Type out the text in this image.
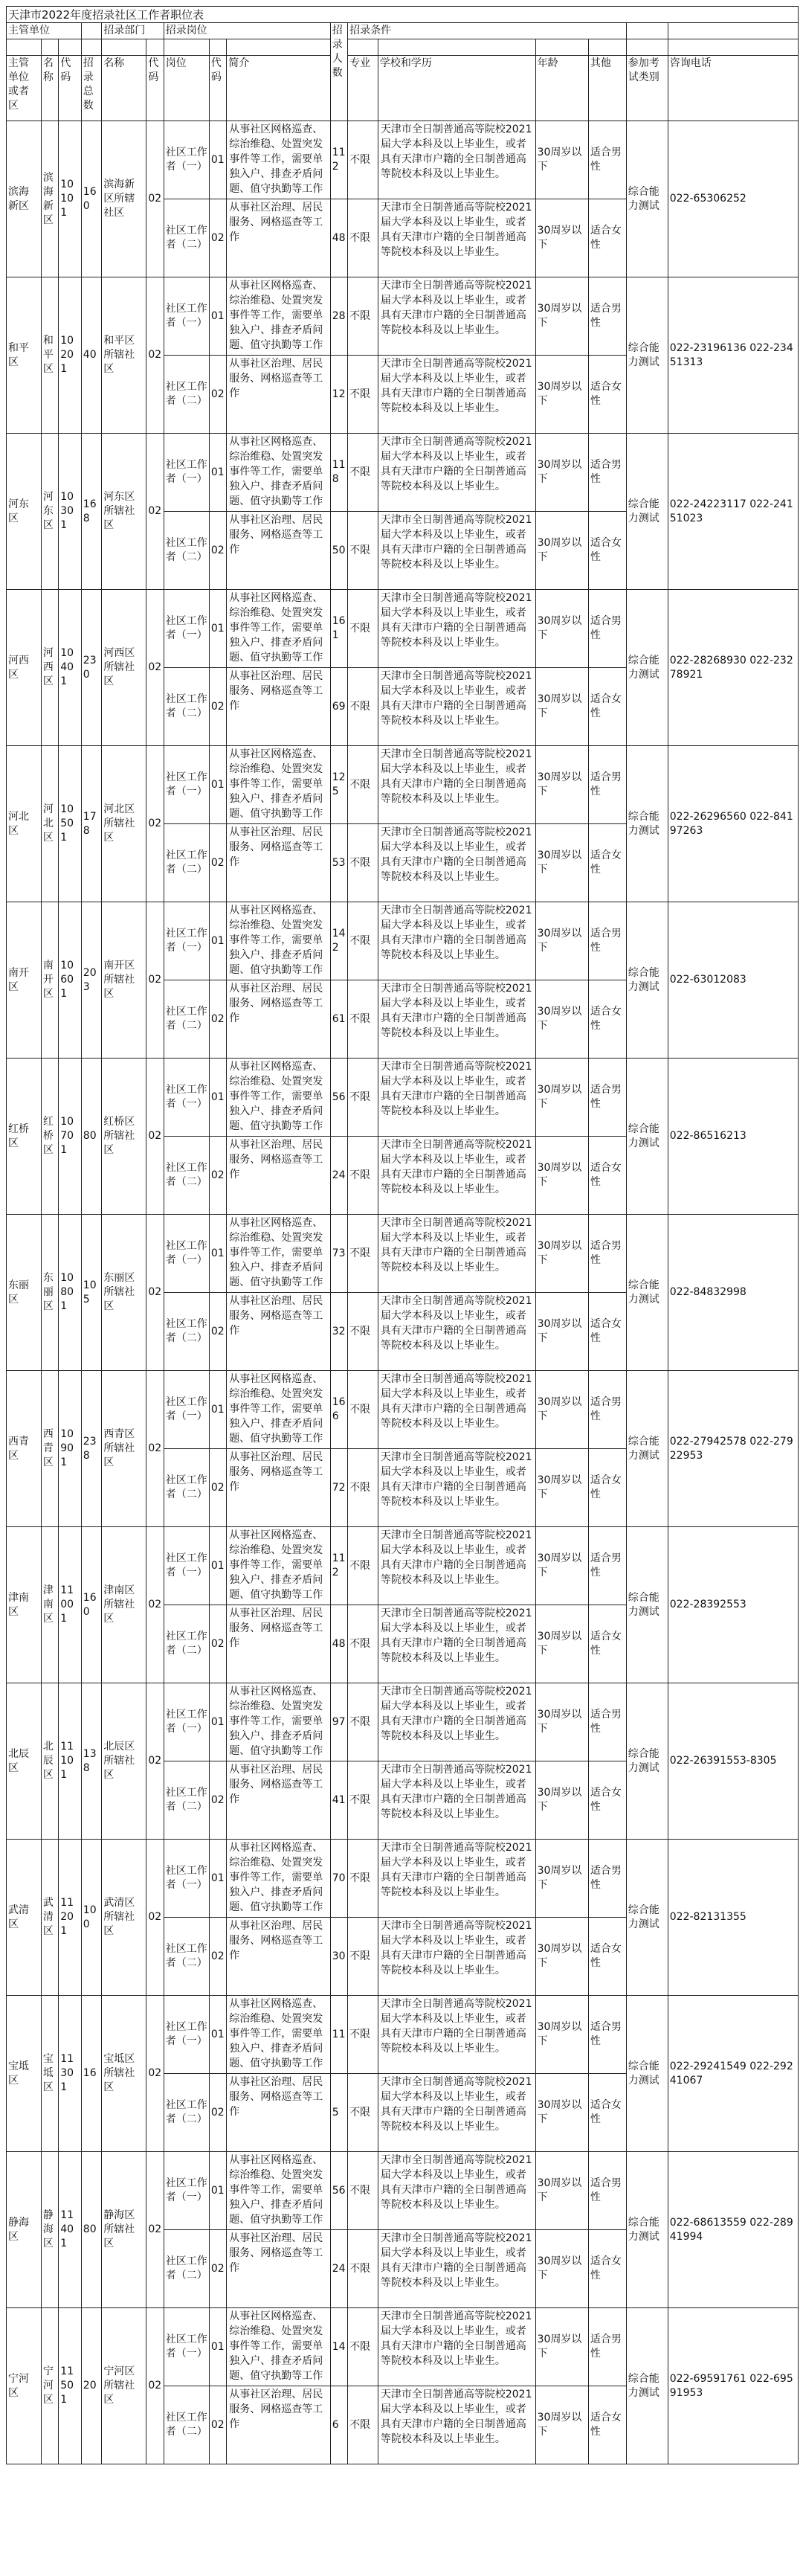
天津市2022年度招录社区工作者职位表
主管单位				招录部门		招录岗位			招录人数	招录条件					

主管单位或者区	名称	代码	招录总数	名称	代码	岗位	代码	简介		专业	学校和学历	年龄	其他	参加考试类别	咨询电话
滨海新区	滨海新区	10101	160	滨海新区所辖社区	02	社区工作者（一）	01	从事社区网格巡查、综治维稳、处置突发事件等工作，需要单独入户、排查矛盾问题、值守执勤等工作	112	不限	天津市全日制普通高等院校2021届大学本科及以上毕业生，或者具有天津市户籍的全日制普通高等院校本科及以上毕业生。	30周岁以下	适合男性	综合能力测试	022-65306252
						社区工作者（二）	02	从事社区治理、居民服务、网格巡查等工作	48	不限	天津市全日制普通高等院校2021届大学本科及以上毕业生，或者具有天津市户籍的全日制普通高等院校本科及以上毕业生。	30周岁以下	适合女性		
和平区	和平区	10201	40	和平区所辖社区	02	社区工作者（一）	01	从事社区网格巡查、综治维稳、处置突发事件等工作，需要单独入户、排查矛盾问题、值守执勤等工作	28	不限	天津市全日制普通高等院校2021届大学本科及以上毕业生，或者具有天津市户籍的全日制普通高等院校本科及以上毕业生。	30周岁以下	适合男性	综合能力测试	022-23196136 022-23451313
						社区工作者（二）	02	从事社区治理、居民服务、网格巡查等工作	12	不限	天津市全日制普通高等院校2021届大学本科及以上毕业生，或者具有天津市户籍的全日制普通高等院校本科及以上毕业生。	30周岁以下	适合女性		
河东区	河东区	10301	168	河东区所辖社区	02	社区工作者（一）	01	从事社区网格巡查、综治维稳、处置突发事件等工作，需要单独入户、排查矛盾问题、值守执勤等工作	118	不限	天津市全日制普通高等院校2021届大学本科及以上毕业生，或者具有天津市户籍的全日制普通高等院校本科及以上毕业生。	30周岁以下	适合男性	综合能力测试	022-24223117 022-24151023
						社区工作者（二）	02	从事社区治理、居民服务、网格巡查等工作	50	不限	天津市全日制普通高等院校2021届大学本科及以上毕业生，或者具有天津市户籍的全日制普通高等院校本科及以上毕业生。	30周岁以下	适合女性		
河西区	河西区	10401	230	河西区所辖社区	02	社区工作者（一）	01	从事社区网格巡查、综治维稳、处置突发事件等工作，需要单独入户、排查矛盾问题、值守执勤等工作	161	不限	天津市全日制普通高等院校2021届大学本科及以上毕业生，或者具有天津市户籍的全日制普通高等院校本科及以上毕业生。	30周岁以下	适合男性	综合能力测试	022-28268930 022-23278921
						社区工作者（二）	02	从事社区治理、居民服务、网格巡查等工作	69	不限	天津市全日制普通高等院校2021届大学本科及以上毕业生，或者具有天津市户籍的全日制普通高等院校本科及以上毕业生。	30周岁以下	适合女性		
河北区	河北区	10501	178	河北区所辖社区	02	社区工作者（一）	01	从事社区网格巡查、综治维稳、处置突发事件等工作，需要单独入户、排查矛盾问题、值守执勤等工作	125	不限	天津市全日制普通高等院校2021届大学本科及以上毕业生，或者具有天津市户籍的全日制普通高等院校本科及以上毕业生。	30周岁以下	适合男性	综合能力测试	022-26296560 022-84197263
						社区工作者（二）	02	从事社区治理、居民服务、网格巡查等工作	53	不限	天津市全日制普通高等院校2021届大学本科及以上毕业生，或者具有天津市户籍的全日制普通高等院校本科及以上毕业生。	30周岁以下	适合女性		
南开区	南开区	10601	203	南开区所辖社区	02	社区工作者（一）	01	从事社区网格巡查、综治维稳、处置突发事件等工作，需要单独入户、排查矛盾问题、值守执勤等工作	142	不限	天津市全日制普通高等院校2021届大学本科及以上毕业生，或者具有天津市户籍的全日制普通高等院校本科及以上毕业生。	30周岁以下	适合男性	综合能力测试	022-63012083
						社区工作者（二）	02	从事社区治理、居民服务、网格巡查等工作	61	不限	天津市全日制普通高等院校2021届大学本科及以上毕业生，或者具有天津市户籍的全日制普通高等院校本科及以上毕业生。	30周岁以下	适合女性		
红桥区	红桥区	10701	80	红桥区所辖社区	02	社区工作者（一）	01	从事社区网格巡查、综治维稳、处置突发事件等工作，需要单独入户、排查矛盾问题、值守执勤等工作	56	不限	天津市全日制普通高等院校2021届大学本科及以上毕业生，或者具有天津市户籍的全日制普通高等院校本科及以上毕业生。	30周岁以下	适合男性	综合能力测试	022-86516213
						社区工作者（二）	02	从事社区治理、居民服务、网格巡查等工作	24	不限	天津市全日制普通高等院校2021届大学本科及以上毕业生，或者具有天津市户籍的全日制普通高等院校本科及以上毕业生。	30周岁以下	适合女性		
东丽区	东丽区	10801	105	东丽区所辖社区	02	社区工作者（一）	01	从事社区网格巡查、综治维稳、处置突发事件等工作，需要单独入户、排查矛盾问题、值守执勤等工作	73	不限	天津市全日制普通高等院校2021届大学本科及以上毕业生，或者具有天津市户籍的全日制普通高等院校本科及以上毕业生。	30周岁以下	适合男性	综合能力测试	022-84832998
						社区工作者（二）	02	从事社区治理、居民服务、网格巡查等工作	32	不限	天津市全日制普通高等院校2021届大学本科及以上毕业生，或者具有天津市户籍的全日制普通高等院校本科及以上毕业生。	30周岁以下	适合女性		
西青区	西青区	10901	238	西青区所辖社区	02	社区工作者（一）	01	从事社区网格巡查、综治维稳、处置突发事件等工作，需要单独入户、排查矛盾问题、值守执勤等工作	166	不限	天津市全日制普通高等院校2021届大学本科及以上毕业生，或者具有天津市户籍的全日制普通高等院校本科及以上毕业生。	30周岁以下	适合男性	综合能力测试	022-27942578 022-27922953
						社区工作者（二）	02	从事社区治理、居民服务、网格巡查等工作	72	不限	天津市全日制普通高等院校2021届大学本科及以上毕业生，或者具有天津市户籍的全日制普通高等院校本科及以上毕业生。	30周岁以下	适合女性		
津南区	津南区	11001	160	津南区所辖社区	02	社区工作者（一）	01	从事社区网格巡查、综治维稳、处置突发事件等工作，需要单独入户、排查矛盾问题、值守执勤等工作	112	不限	天津市全日制普通高等院校2021届大学本科及以上毕业生，或者具有天津市户籍的全日制普通高等院校本科及以上毕业生。	30周岁以下	适合男性	综合能力测试	022-28392553
						社区工作者（二）	02	从事社区治理、居民服务、网格巡查等工作	48	不限	天津市全日制普通高等院校2021届大学本科及以上毕业生，或者具有天津市户籍的全日制普通高等院校本科及以上毕业生。	30周岁以下	适合女性		
北辰区	北辰区	11101	138	北辰区所辖社区	02	社区工作者（一）	01	从事社区网格巡查、综治维稳、处置突发事件等工作，需要单独入户、排查矛盾问题、值守执勤等工作	97	不限	天津市全日制普通高等院校2021届大学本科及以上毕业生，或者具有天津市户籍的全日制普通高等院校本科及以上毕业生。	30周岁以下	适合男性	综合能力测试	022-26391553-8305
						社区工作者（二）	02	从事社区治理、居民服务、网格巡查等工作	41	不限	天津市全日制普通高等院校2021届大学本科及以上毕业生，或者具有天津市户籍的全日制普通高等院校本科及以上毕业生。	30周岁以下	适合女性		
武清区	武清区	11201	100	武清区所辖社区	02	社区工作者（一）	01	从事社区网格巡查、综治维稳、处置突发事件等工作，需要单独入户、排查矛盾问题、值守执勤等工作	70	不限	天津市全日制普通高等院校2021届大学本科及以上毕业生，或者具有天津市户籍的全日制普通高等院校本科及以上毕业生。	30周岁以下	适合男性	综合能力测试	022-82131355
						社区工作者（二）	02	从事社区治理、居民服务、网格巡查等工作	30	不限	天津市全日制普通高等院校2021届大学本科及以上毕业生，或者具有天津市户籍的全日制普通高等院校本科及以上毕业生。	30周岁以下	适合女性		
宝坻区	宝坻区	11301	16	宝坻区所辖社区	02	社区工作者（一）	01	从事社区网格巡查、综治维稳、处置突发事件等工作，需要单独入户、排查矛盾问题、值守执勤等工作	11	不限	天津市全日制普通高等院校2021届大学本科及以上毕业生，或者具有天津市户籍的全日制普通高等院校本科及以上毕业生。	30周岁以下	适合男性	综合能力测试	022-29241549 022-29241067
						社区工作者（二）	02	从事社区治理、居民服务、网格巡查等工作	5	不限	天津市全日制普通高等院校2021届大学本科及以上毕业生，或者具有天津市户籍的全日制普通高等院校本科及以上毕业生。	30周岁以下	适合女性		
静海区	静海区	11401	80	静海区所辖社区	02	社区工作者（一）	01	从事社区网格巡查、综治维稳、处置突发事件等工作，需要单独入户、排查矛盾问题、值守执勤等工作	56	不限	天津市全日制普通高等院校2021届大学本科及以上毕业生，或者具有天津市户籍的全日制普通高等院校本科及以上毕业生。	30周岁以下	适合男性	综合能力测试	022-68613559 022-28941994
						社区工作者（二）	02	从事社区治理、居民服务、网格巡查等工作	24	不限	天津市全日制普通高等院校2021届大学本科及以上毕业生，或者具有天津市户籍的全日制普通高等院校本科及以上毕业生。	30周岁以下	适合女性		
宁河区	宁河区	11501	20	宁河区所辖社区	02	社区工作者（一）	01	从事社区网格巡查、综治维稳、处置突发事件等工作，需要单独入户、排查矛盾问题、值守执勤等工作	14	不限	天津市全日制普通高等院校2021届大学本科及以上毕业生，或者具有天津市户籍的全日制普通高等院校本科及以上毕业生。	30周岁以下	适合男性	综合能力测试	022-69591761 022-69591953
						社区工作者（二）	02	从事社区治理、居民服务、网格巡查等工作	6	不限	天津市全日制普通高等院校2021届大学本科及以上毕业生，或者具有天津市户籍的全日制普通高等院校本科及以上毕业生。	30周岁以下	适合女性		
